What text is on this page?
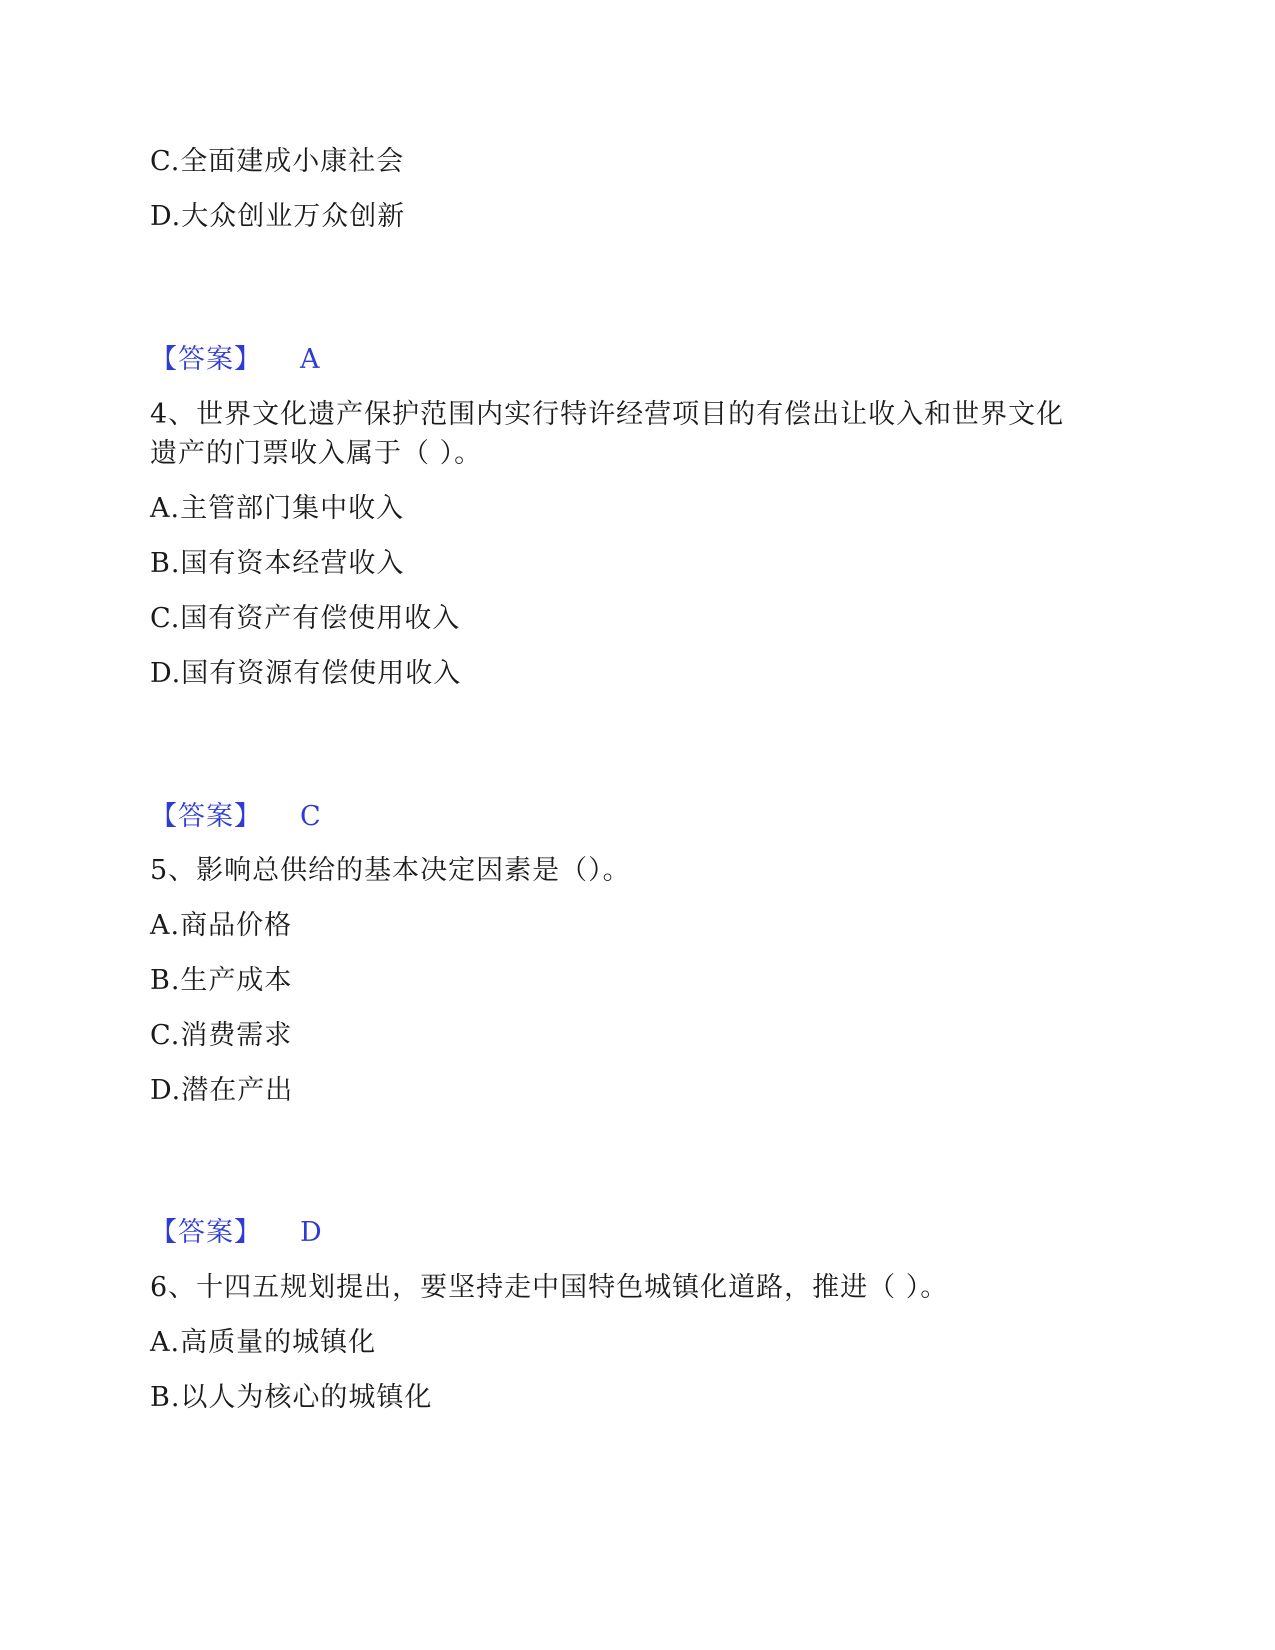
C.全面建成小康社会
D.大众创业万众创新
【答案】 A
4、世界文化遗产保护范围内实行特许经营项目的有偿出让收入和世界文化
遗产的门票收入属于（ ）。
A.主管部门集中收入
B.国有资本经营收入
C.国有资产有偿使用收入
D.国有资源有偿使用收入
【答案】 C
5、影响总供给的基本决定因素是（）。
A.商品价格
B.生产成本
C.消费需求
D.潜在产出
【答案】 D
6、十四五规划提出，要坚持走中国特色城镇化道路，推进（ ）。
A.高质量的城镇化
B.以人为核心的城镇化
